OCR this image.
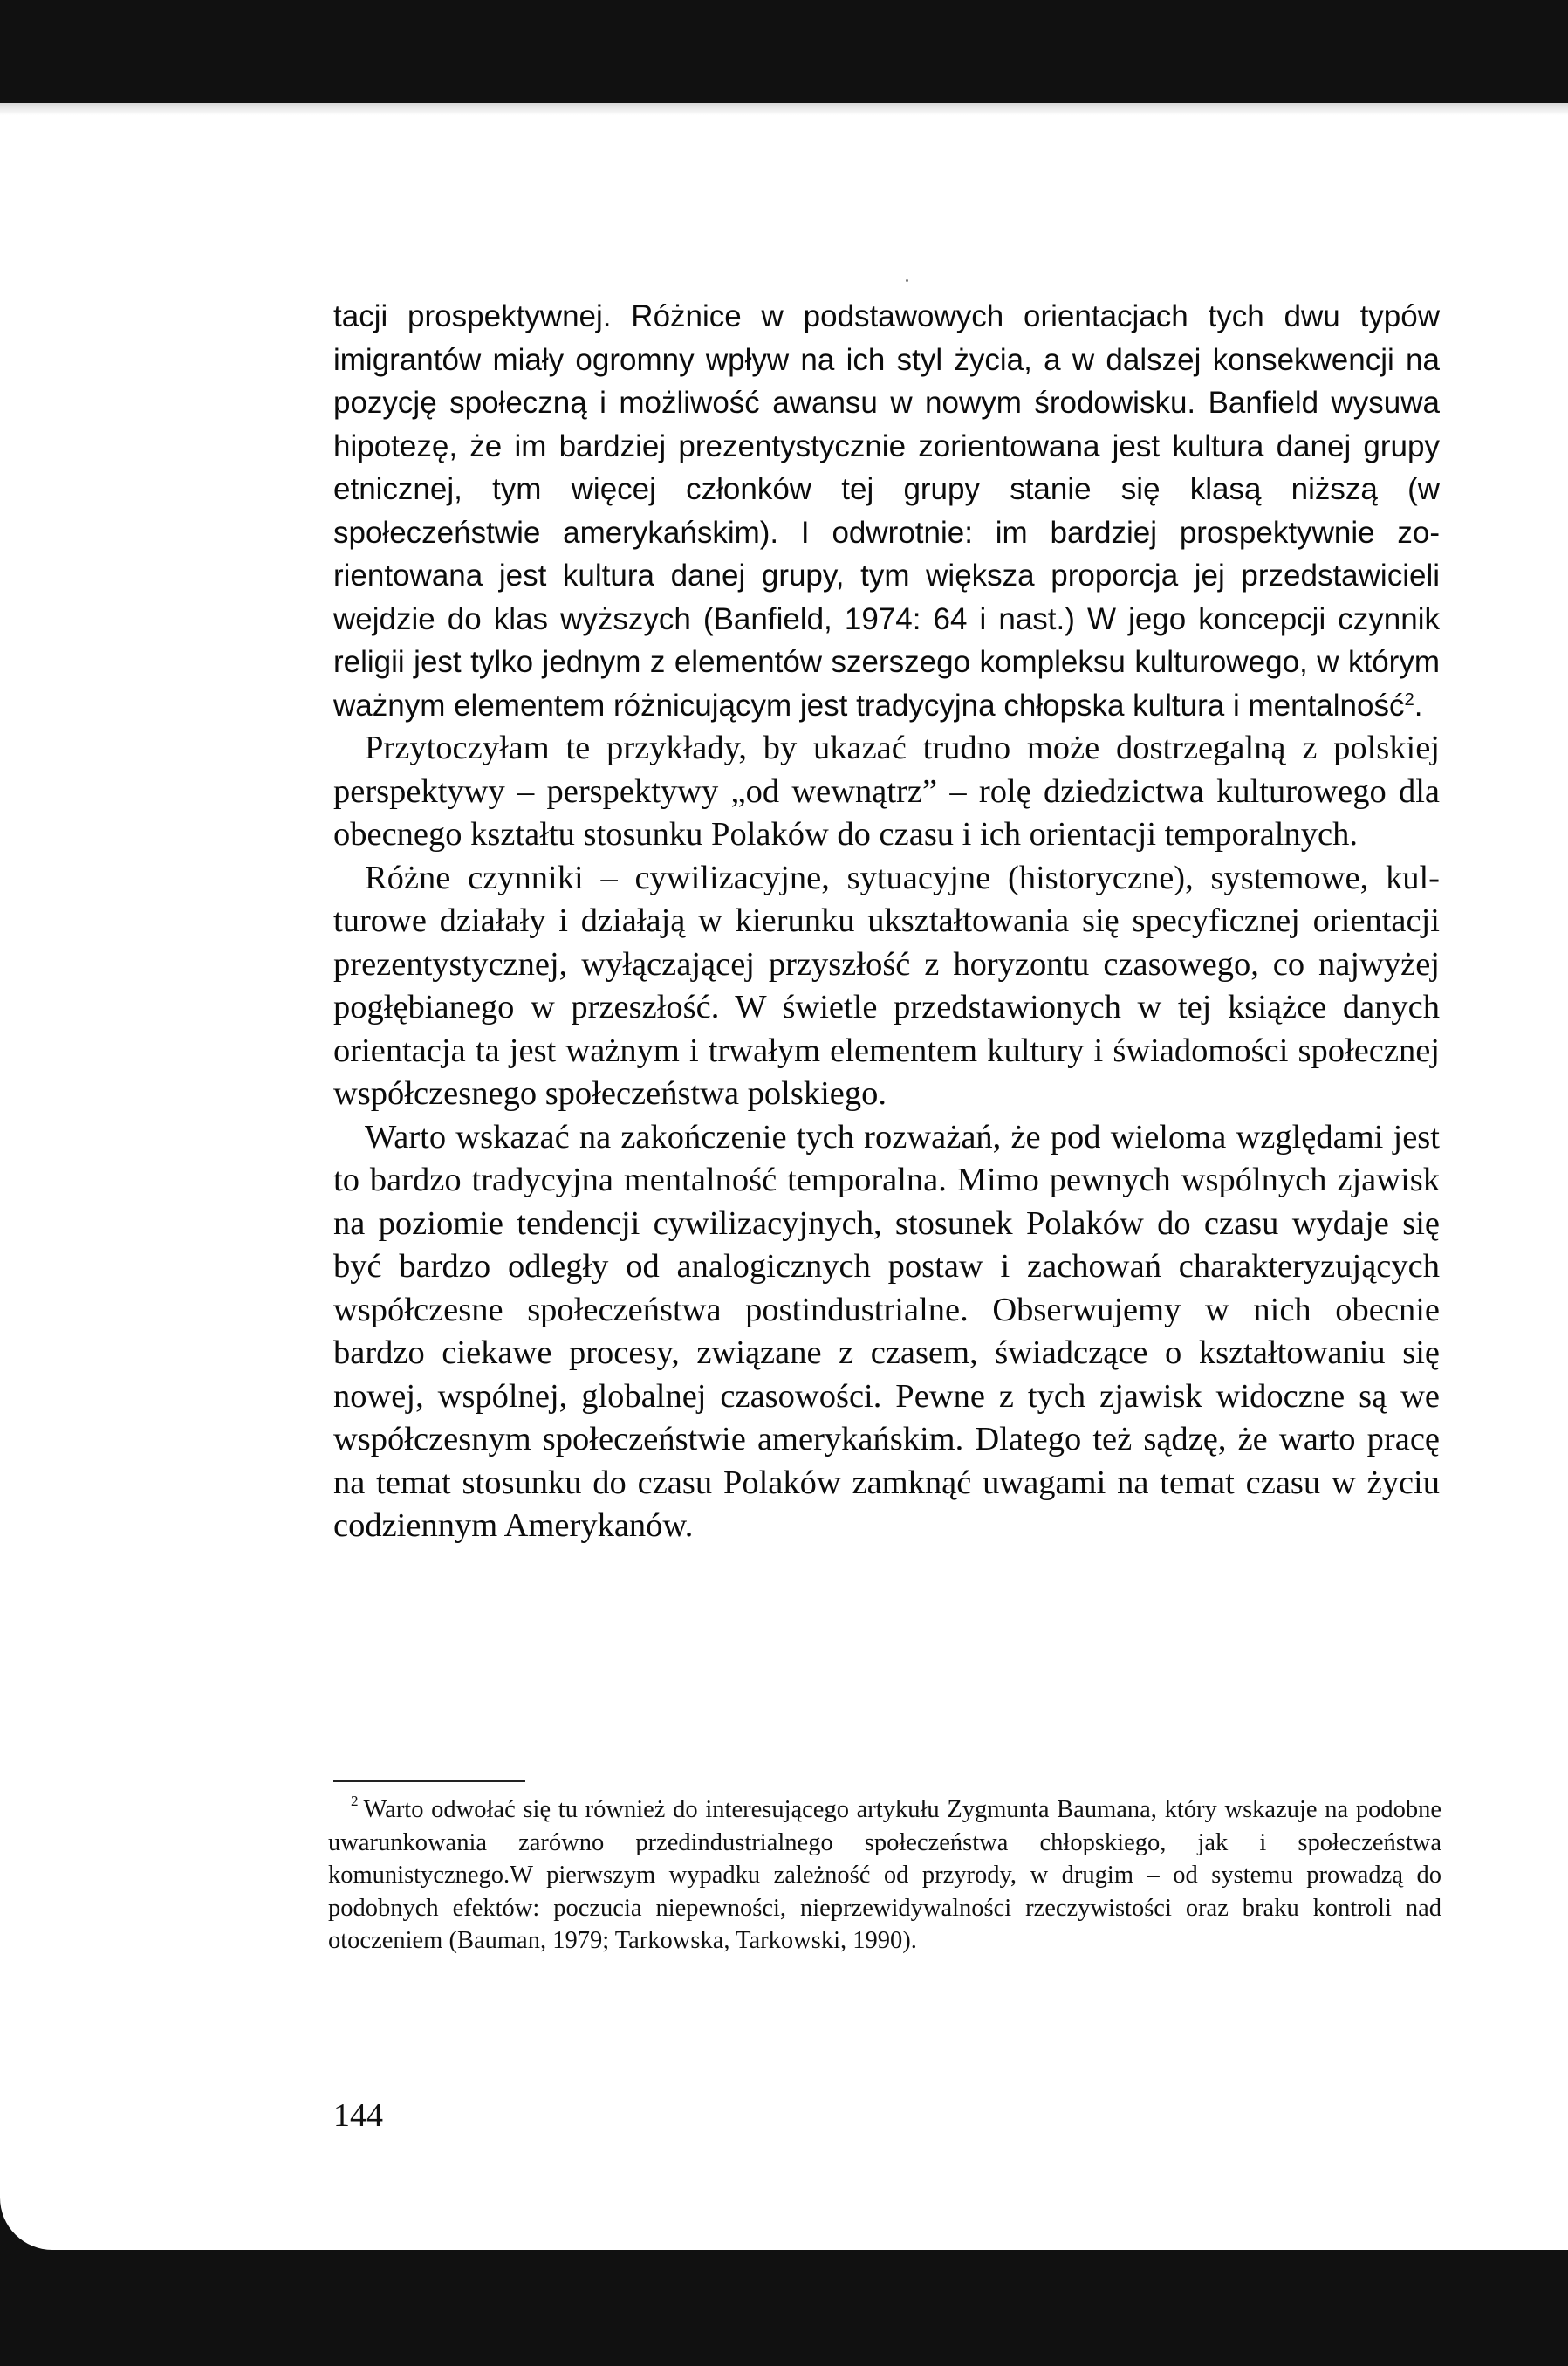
tacji prospektywnej. Różnice w podstawowych orientacjach tych dwu typów imigrantów miały ogromny wpływ na ich styl życia, a w dalszej konsekwencji na pozycję społeczną i możliwość awansu w nowym środowisku. Banfield wysuwa hipotezę, że im bardziej prezentystycznie zorientowana jest kultura danej grupy etnicznej, tym więcej członków tej grupy stanie się klasą niższą (w społeczeństwie amerykańskim). I odwrotnie: im bardziej prospektywnie zorientowana jest kultura danej grupy, tym większa proporcja jej przedstawicieli wejdzie do klas wyższych (Banfield, 1974: 64 i nast.) W jego koncepcji czynnik religii jest tylko jednym z elementów szerszego kompleksu kulturowego, w którym ważnym elementem różnicującym jest tradycyjna chłopska kultura i mentalność$^2$.

Przytoczyłam te przykłady, by ukazać trudno może dostrzegalną z polskiej perspektywy – perspektywy „od wewnątrz” – rolę dziedzictwa kulturowego dla obecnego kształtu stosunku Polaków do czasu i ich orientacji temporalnych.

Różne czynniki – cywilizacyjne, sytuacyjne (historyczne), systemowe, kulturowe działały i działają w kierunku ukształtowania się specyficznej orientacji prezentystycznej, wyłączającej przyszłość z horyzontu czasowego, co najwyżej pogłębianego w przeszłość. W świetle przedstawionych w tej książce danych orientacja ta jest ważnym i trwałym elementem kultury i świadomości społecznej współczesnego społeczeństwa polskiego.

Warto wskazać na zakończenie tych rozważań, że pod wieloma względami jest to bardzo tradycyjna mentalność temporalna. Mimo pewnych wspólnych zjawisk na poziomie tendencji cywilizacyjnych, stosunek Polaków do czasu wydaje się być bardzo odległy od analogicznych postaw i zachowań charakteryzujących współczesne społeczeństwa postindustrialne. Obserwujemy w nich obecnie bardzo ciekawe procesy, związane z czasem, świadczące o kształtowaniu się nowej, wspólnej, globalnej czasowości. Pewne z tych zjawisk widoczne są we współczesnym społeczeństwie amerykańskim. Dlatego też sądzę, że warto pracę na temat stosunku do czasu Polaków zamknąć uwagami na temat czasu w życiu codziennym Amerykanów.

$^2$ Warto odwołać się tu również do interesującego artykułu Zygmunta Baumana, który wskazuje na podobne uwarunkowania zarówno przedindustrialnego społeczeństwa chłopskiego, jak i społeczeństwa komunistycznego.W pierwszym wypadku zależność od przyrody, w drugim – od systemu prowadzą do podobnych efektów: poczucia niepewności, nieprzewidywalności rzeczywistości oraz braku kontroli nad otoczeniem (Bauman, 1979; Tarkowska, Tarkowski, 1990).

144
